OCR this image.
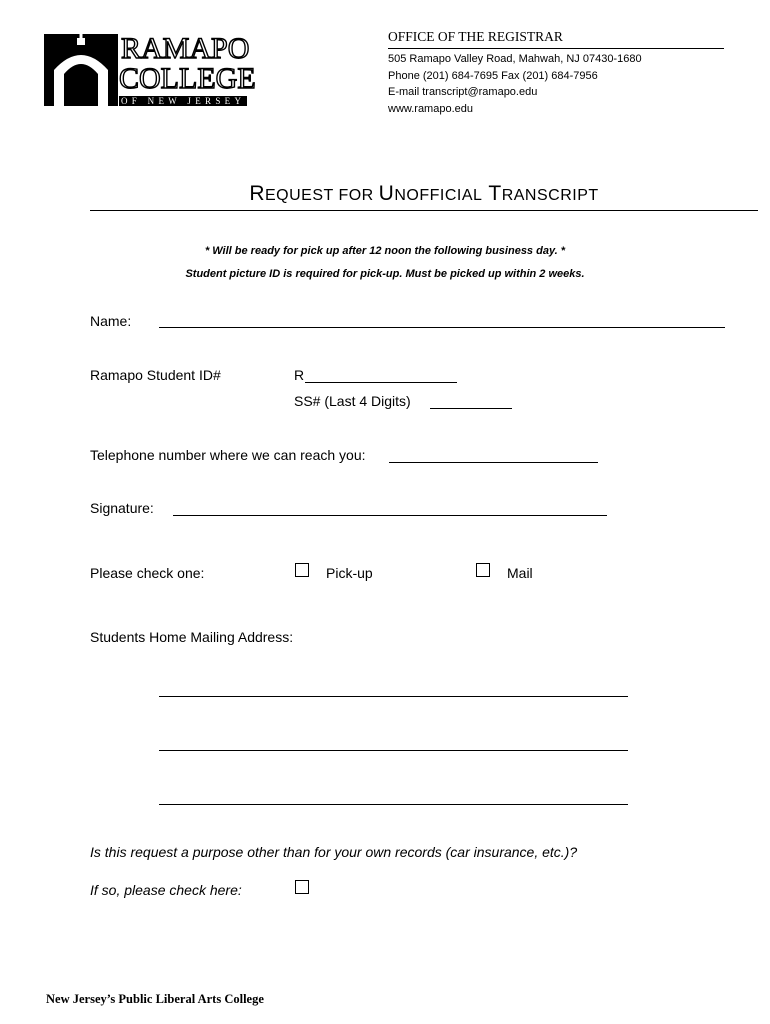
RAMAPO
COLLEGE
OF NEW JERSEY
OFFICE OF THE REGISTRAR
505 Ramapo Valley Road, Mahwah, NJ 07430-1680
Phone (201) 684-7695 Fax (201) 684-7956
E-mail transcript@ramapo.edu
www.ramapo.edu
REQUEST FOR UNOFFICIAL TRANSCRIPT
* Will be ready for pick up after 12 noon the following business day. *
Student picture ID is required for pick-up. Must be picked up within 2 weeks.
Name:
Ramapo Student ID#	R
SS# (Last 4 Digits)
Telephone number where we can reach you:
Signature:
Please check one:	Pick-up	Mail
Students Home Mailing Address:
Is this request a purpose other than for your own records (car insurance, etc.)?
If so, please check here:
New Jersey’s Public Liberal Arts College
